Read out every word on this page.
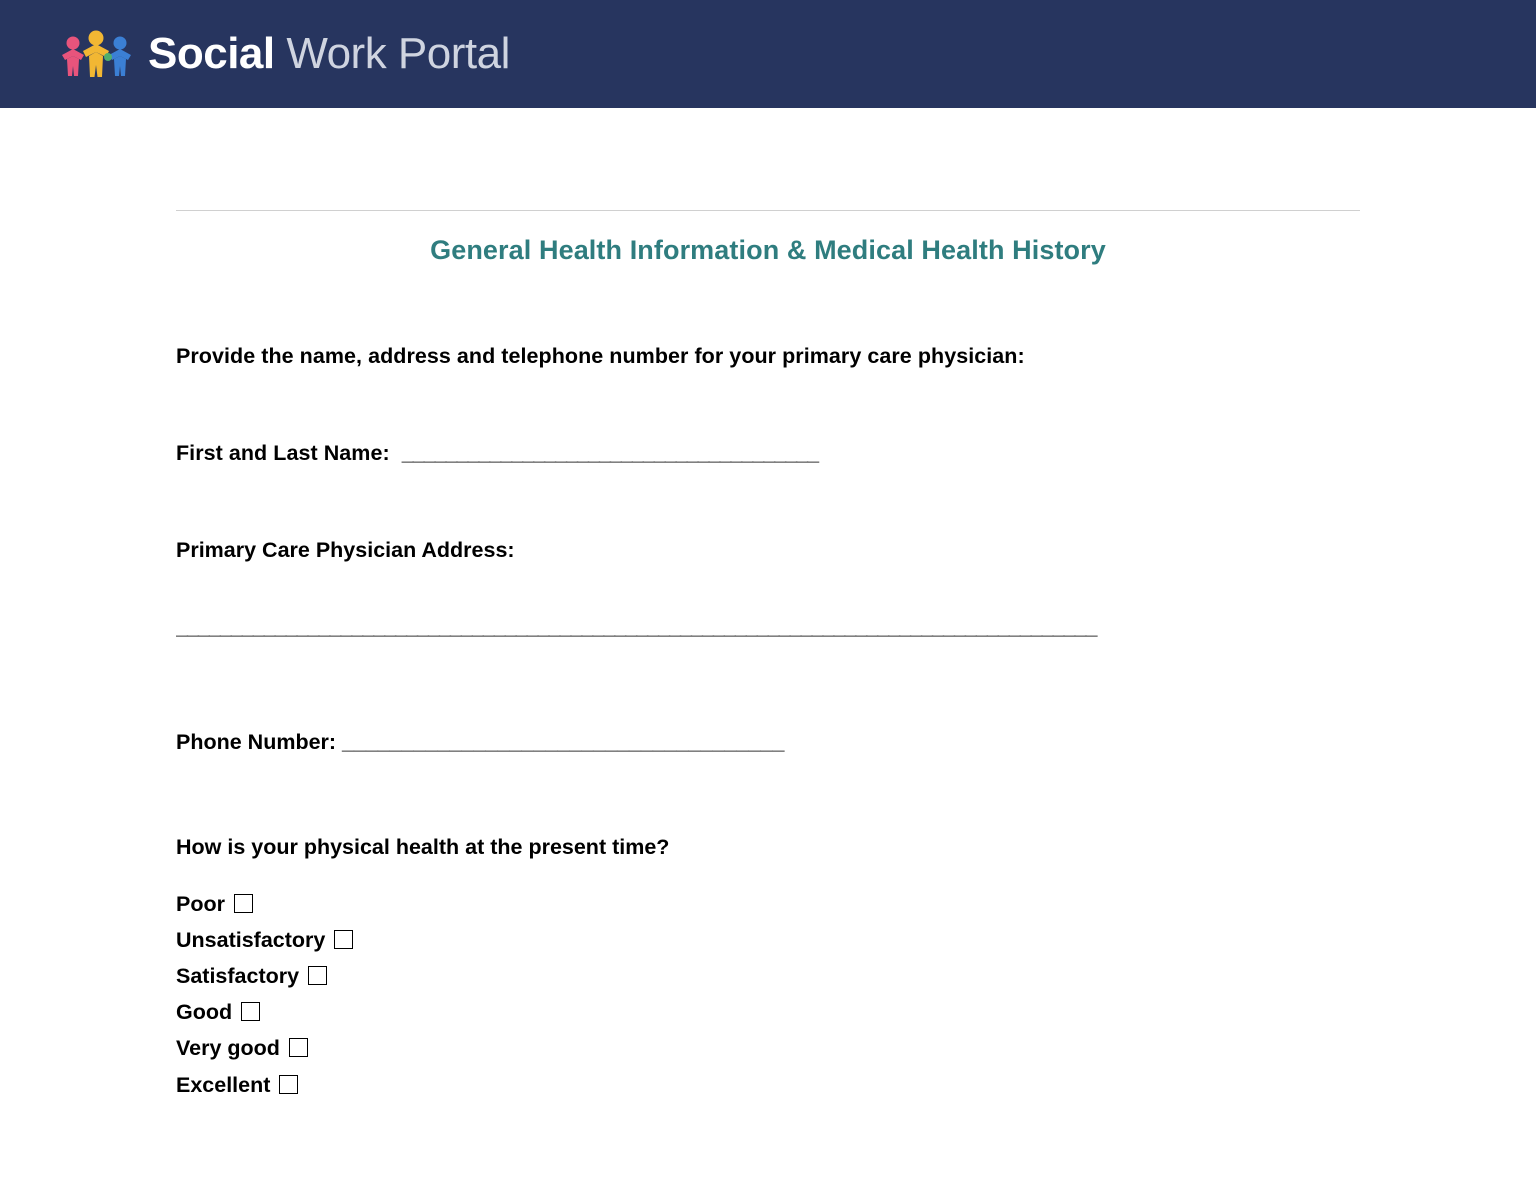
Social Work Portal
General Health Information & Medical Health History
Provide the name, address and telephone number for your primary care physician:
First and Last Name:  ______________________________________
Primary Care Physician Address:
____________________________________________________________________________________
Phone Number: _____________________________________
How is your physical health at the present time?
Poor
Unsatisfactory
Satisfactory
Good
Very good
Excellent
